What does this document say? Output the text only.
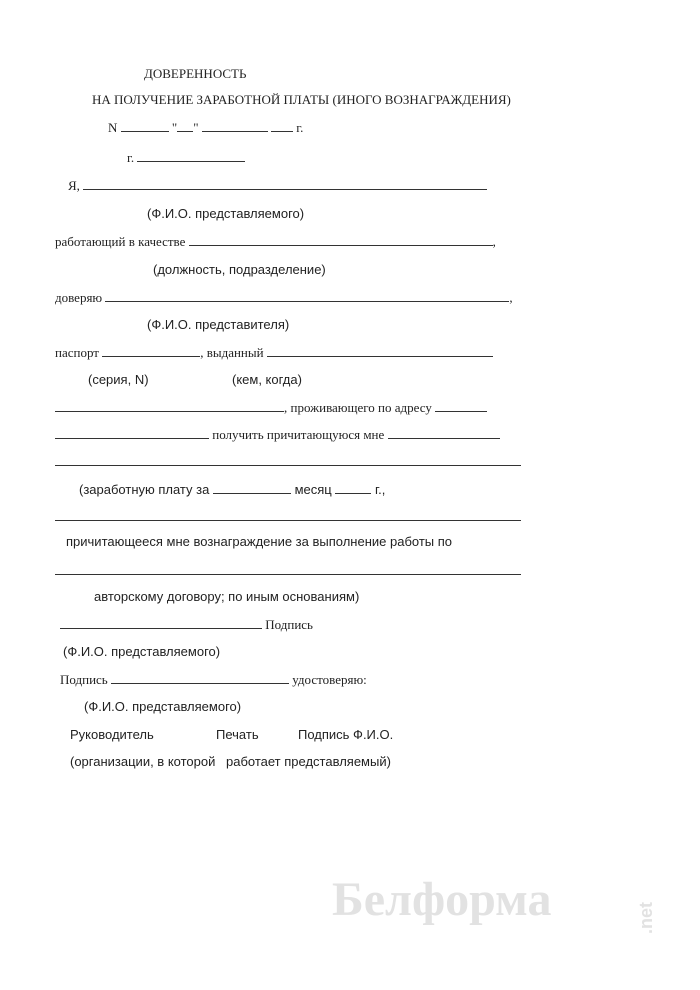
ДОВЕРЕННОСТЬ
НА ПОЛУЧЕНИЕ ЗАРАБОТНОЙ ПЛАТЫ (ИНОГО ВОЗНАГРАЖДЕНИЯ)
N	" "	г.
г.
Я,
(Ф.И.О. представляемого)
работающий в качестве	,
(должность, подразделение)
доверяю	,
(Ф.И.О. представителя)
паспорт	, выданный
(серия, N)	(кем, когда)
, проживающего по адресу
получить причитающуюся мне
(заработную плату за	месяц	г.,
причитающееся мне вознаграждение за выполнение работы по
авторскому договору; по иным основаниям)
Подпись
(Ф.И.О. представляемого)
Подпись	удостоверяю:
(Ф.И.О. представляемого)
Руководитель	Печать	Подпись Ф.И.О.
(организации, в которой работает представляемый)
Белформа	.net
